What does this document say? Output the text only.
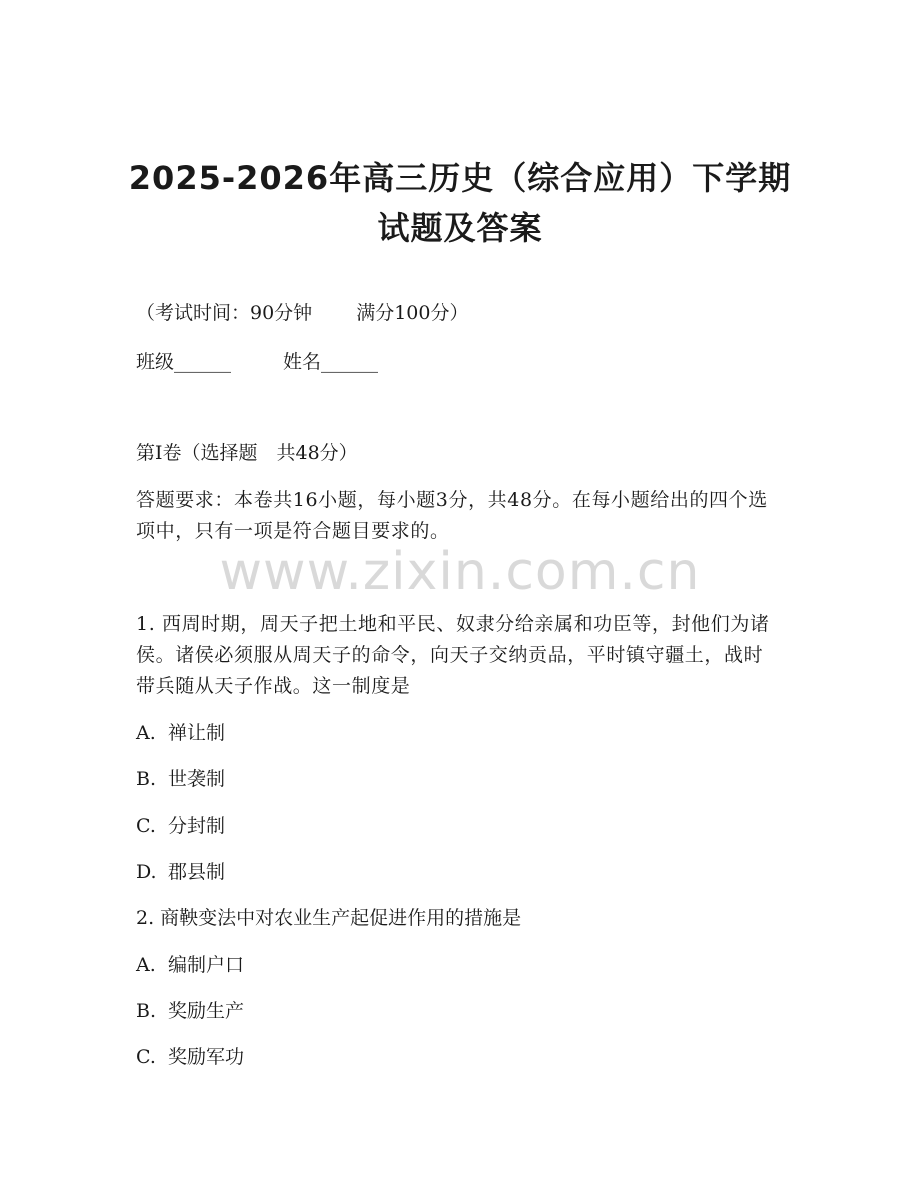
2025-2026年高三历史（综合应用）下学期
试题及答案
（考试时间：90分钟 满分100分）
班级______	姓名______
第Ⅰ卷（选择题　共48分）
答题要求：本卷共16小题，每小题3分，共48分。在每小题给出的四个选项中，只有一项是符合题目要求的。
www.zixin.com.cn
1. 西周时期，周天子把土地和平民、奴隶分给亲属和功臣等，封他们为诸侯。诸侯必须服从周天子的命令，向天子交纳贡品，平时镇守疆土，战时带兵随从天子作战。这一制度是
A. 禅让制
B. 世袭制
C. 分封制
D. 郡县制
2. 商鞅变法中对农业生产起促进作用的措施是
A. 编制户口
B. 奖励生产
C. 奖励军功
